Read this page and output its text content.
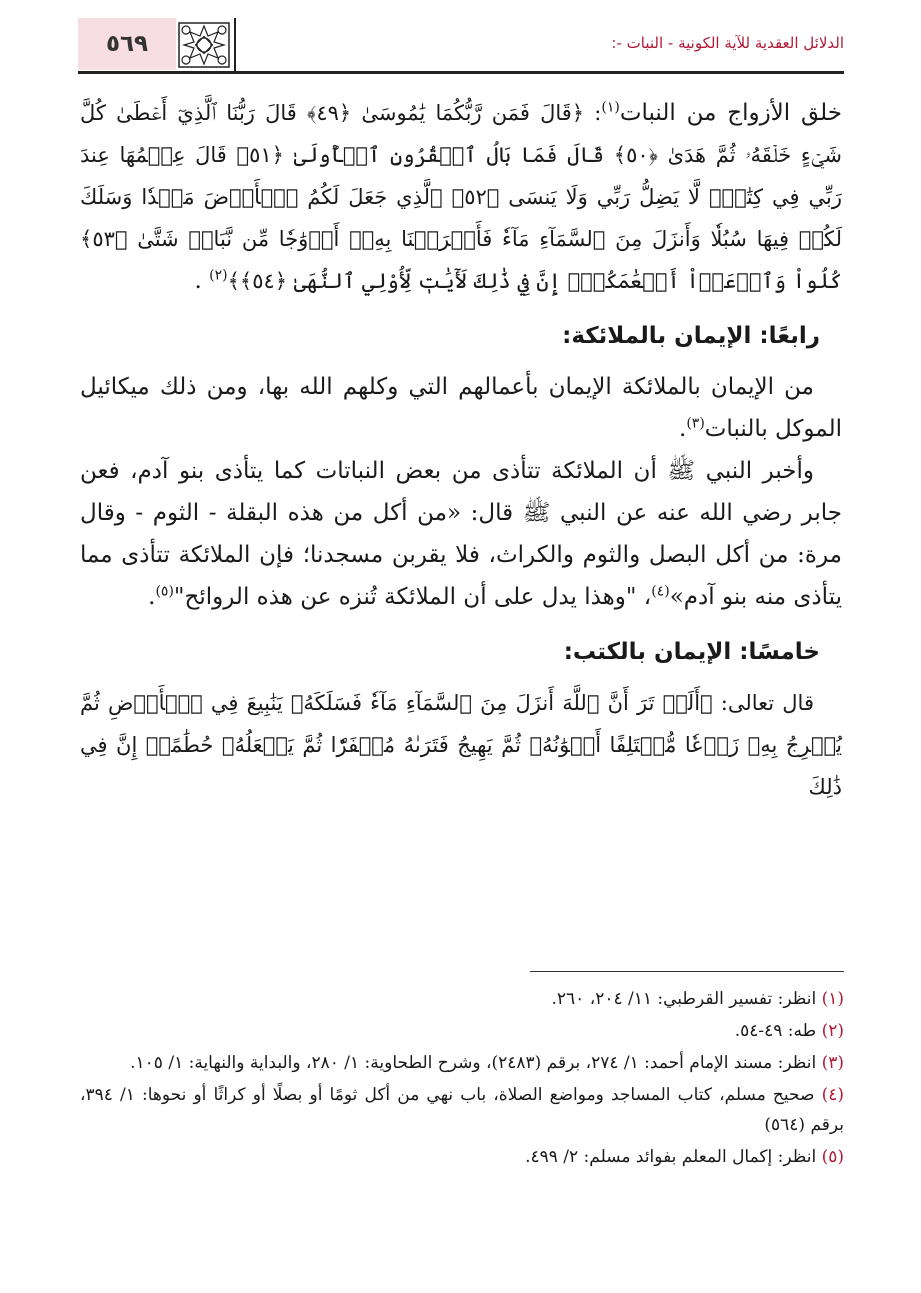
٥٦٩	الدلائل العقدية للآية الكونية - النبات -:

خلق الأزواج من النبات$^{(١)}$: ﴿قَالَ فَمَن رَّبُّكُمَا يَٰمُوسَىٰ ﴿٤٩﴾ قَالَ رَبُّنَا ٱلَّذِيٓ أَعۡطَىٰ كُلَّ شَيۡءٍ خَلۡقَهُۥ ثُمَّ هَدَىٰ ﴿٥٠﴾ قَالَ فَمَا بَالُ ٱلۡقُرُونِ ٱلۡأُولَىٰ ﴿٥١﴾ قَالَ عِلۡمُهَا عِندَ رَبِّي فِي كِتَٰبٖۖ لَّا يَضِلُّ رَبِّي وَلَا يَنسَى ﴿٥٢﴾ ٱلَّذِي جَعَلَ لَكُمُ ٱلۡأَرۡضَ مَهۡدٗا وَسَلَكَ لَكُمۡ فِيهَا سُبُلٗا وَأَنزَلَ مِنَ ٱلسَّمَآءِ مَآءٗ فَأَخۡرَجۡنَا بِهِۦٓ أَزۡوَٰجٗا مِّن نَّبَاتٖ شَتَّىٰ ﴿٥٣﴾ كُلُواْ وَٱرۡعَوۡاْ أَنۡعَٰمَكُمۡۚ إِنَّ فِي ذَٰلِكَ لَأٓيَٰتٖ لِّأُوْلِي ٱلنُّهَىٰ ﴿٥٤﴾﴾$^{(٢)}$ .

رابعًا: الإيمان بالملائكة:

من الإيمان بالملائكة الإيمان بأعمالهم التي وكلهم الله بها، ومن ذلك ميكائيل الموكل بالنبات$^{(٣)}$.

وأخبر النبي ﷺ أن الملائكة تتأذى من بعض النباتات كما يتأذى بنو آدم، فعن جابر رضي الله عنه عن النبي ﷺ قال: «من أكل من هذه البقلة - الثوم - وقال مرة: من أكل البصل والثوم والكراث، فلا يقربن مسجدنا؛ فإن الملائكة تتأذى مما يتأذى منه بنو آدم»$^{(٤)}$، "وهذا يدل على أن الملائكة تُنزه عن هذه الروائح"$^{(٥)}$.

خامسًا: الإيمان بالكتب:

قال تعالى: ﴿أَلَمۡ تَرَ أَنَّ ٱللَّهَ أَنزَلَ مِنَ ٱلسَّمَآءِ مَآءٗ فَسَلَكَهُۥ يَنَٰبِيعَ فِي ٱلۡأَرۡضِ ثُمَّ يُخۡرِجُ بِهِۦ زَرۡعٗا مُّخۡتَلِفًا أَلۡوَٰنُهُۥ ثُمَّ يَهِيجُ فَتَرَىٰهُ مُصۡفَرّٗا ثُمَّ يَجۡعَلُهُۥ حُطَٰمًاۚ إِنَّ فِي ذَٰلِكَ

(١) انظر: تفسير القرطبي: ١١/ ٢٠٤، ٢٦٠.

(٢) طه: ٤٩-٥٤.

(٣) انظر: مسند الإمام أحمد: ١/ ٢٧٤، برقم (٢٤٨٣)، وشرح الطحاوية: ١/ ٢٨٠، والبداية والنهاية: ١/ ١٠٥.

(٤) صحيح مسلم، كتاب المساجد ومواضع الصلاة، باب نهي من أكل ثومًا أو بصلًا أو كراثًا أو نحوها: ١/ ٣٩٤، برقم (٥٦٤)

(٥) انظر: إكمال المعلم بفوائد مسلم: ٢/ ٤٩٩.
